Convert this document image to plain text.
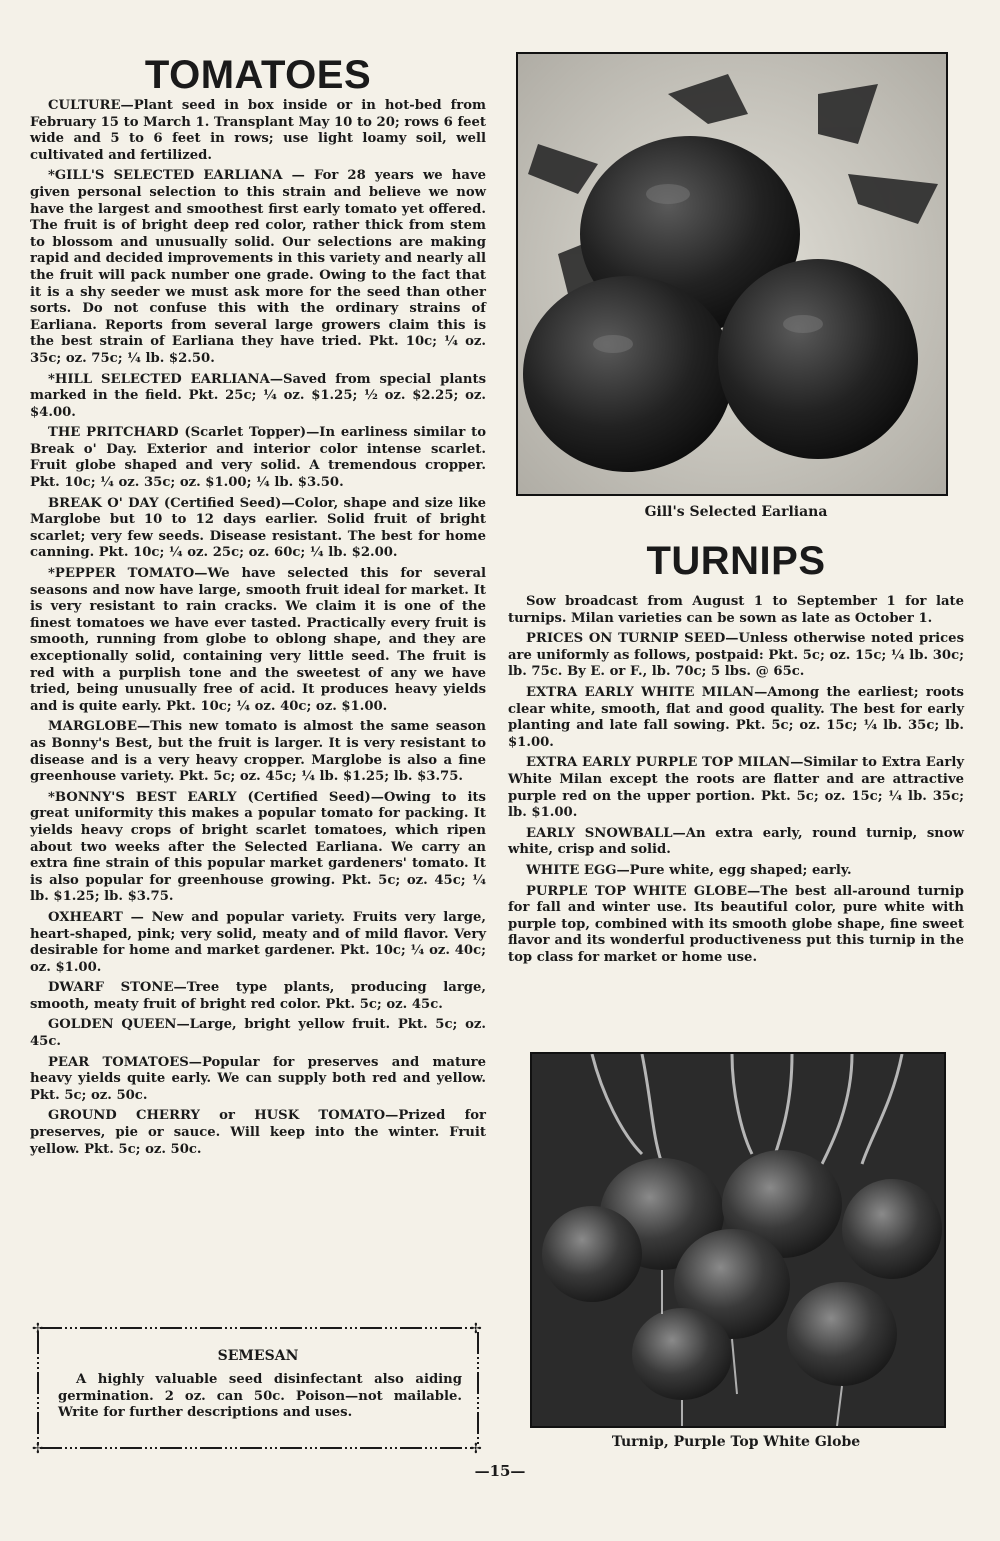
TOMATOES

CULTURE—Plant seed in box inside or in hot-bed from February 15 to March 1. Transplant May 10 to 20; rows 6 feet wide and 5 to 6 feet in rows; use light loamy soil, well cultivated and fertilized.

*GILL'S SELECTED EARLIANA — For 28 years we have given personal selection to this strain and believe we now have the largest and smoothest first early tomato yet offered. The fruit is of bright deep red color, rather thick from stem to blossom and unusually solid. Our selections are making rapid and decided improvements in this variety and nearly all the fruit will pack number one grade. Owing to the fact that it is a shy seeder we must ask more for the seed than other sorts. Do not confuse this with the ordinary strains of Earliana. Reports from several large growers claim this is the best strain of Earliana they have tried. Pkt. 10c; ¼ oz. 35c; oz. 75c; ¼ lb. $2.50.

*HILL SELECTED EARLIANA—Saved from special plants marked in the field. Pkt. 25c; ¼ oz. $1.25; ½ oz. $2.25; oz. $4.00.

THE PRITCHARD (Scarlet Topper)—In earliness similar to Break o' Day. Exterior and interior color intense scarlet. Fruit globe shaped and very solid. A tremendous cropper. Pkt. 10c; ¼ oz. 35c; oz. $1.00; ¼ lb. $3.50.

BREAK O' DAY (Certified Seed)—Color, shape and size like Marglobe but 10 to 12 days earlier. Solid fruit of bright scarlet; very few seeds. Disease resistant. The best for home canning. Pkt. 10c; ¼ oz. 25c; oz. 60c; ¼ lb. $2.00.

*PEPPER TOMATO—We have selected this for several seasons and now have large, smooth fruit ideal for market. It is very resistant to rain cracks. We claim it is one of the finest tomatoes we have ever tasted. Practically every fruit is smooth, running from globe to oblong shape, and they are exceptionally solid, containing very little seed. The fruit is red with a purplish tone and the sweetest of any we have tried, being unusually free of acid. It produces heavy yields and is quite early. Pkt. 10c; ¼ oz. 40c; oz. $1.00.

MARGLOBE—This new tomato is almost the same season as Bonny's Best, but the fruit is larger. It is very resistant to disease and is a very heavy cropper. Marglobe is also a fine greenhouse variety. Pkt. 5c; oz. 45c; ¼ lb. $1.25; lb. $3.75.

*BONNY'S BEST EARLY (Certified Seed)—Owing to its great uniformity this makes a popular tomato for packing. It yields heavy crops of bright scarlet tomatoes, which ripen about two weeks after the Selected Earliana. We carry an extra fine strain of this popular market gardeners' tomato. It is also popular for greenhouse growing. Pkt. 5c; oz. 45c; ¼ lb. $1.25; lb. $3.75.

OXHEART — New and popular variety. Fruits very large, heart-shaped, pink; very solid, meaty and of mild flavor. Very desirable for home and market gardener. Pkt. 10c; ¼ oz. 40c; oz. $1.00.

DWARF STONE—Tree type plants, producing large, smooth, meaty fruit of bright red color. Pkt. 5c; oz. 45c.

GOLDEN QUEEN—Large, bright yellow fruit. Pkt. 5c; oz. 45c.

PEAR TOMATOES—Popular for preserves and mature heavy yields quite early. We can supply both red and yellow. Pkt. 5c; oz. 50c.

GROUND CHERRY or HUSK TOMATO—Prized for preserves, pie or sauce. Will keep into the winter. Fruit yellow. Pkt. 5c; oz. 50c.

✢	✢
✢	✢
SEMESAN

A highly valuable seed disinfectant also aiding germination. 2 oz. can 50c. Poison—not mailable. Write for further descriptions and uses.

Gill's Selected Earliana
TURNIPS

Sow broadcast from August 1 to September 1 for late turnips. Milan varieties can be sown as late as October 1.

PRICES ON TURNIP SEED—Unless otherwise noted prices are uniformly as follows, postpaid: Pkt. 5c; oz. 15c; ¼ lb. 30c; lb. 75c. By E. or F., lb. 70c; 5 lbs. @ 65c.

EXTRA EARLY WHITE MILAN—Among the earliest; roots clear white, smooth, flat and good quality. The best for early planting and late fall sowing. Pkt. 5c; oz. 15c; ¼ lb. 35c; lb. $1.00.

EXTRA EARLY PURPLE TOP MILAN—Similar to Extra Early White Milan except the roots are flatter and are attractive purple red on the upper portion. Pkt. 5c; oz. 15c; ¼ lb. 35c; lb. $1.00.

EARLY SNOWBALL—An extra early, round turnip, snow white, crisp and solid.

WHITE EGG—Pure white, egg shaped; early.

PURPLE TOP WHITE GLOBE—The best all-around turnip for fall and winter use. Its beautiful color, pure white with purple top, combined with its smooth globe shape, fine sweet flavor and its wonderful productiveness put this turnip in the top class for market or home use.

Turnip, Purple Top White Globe
—15—
